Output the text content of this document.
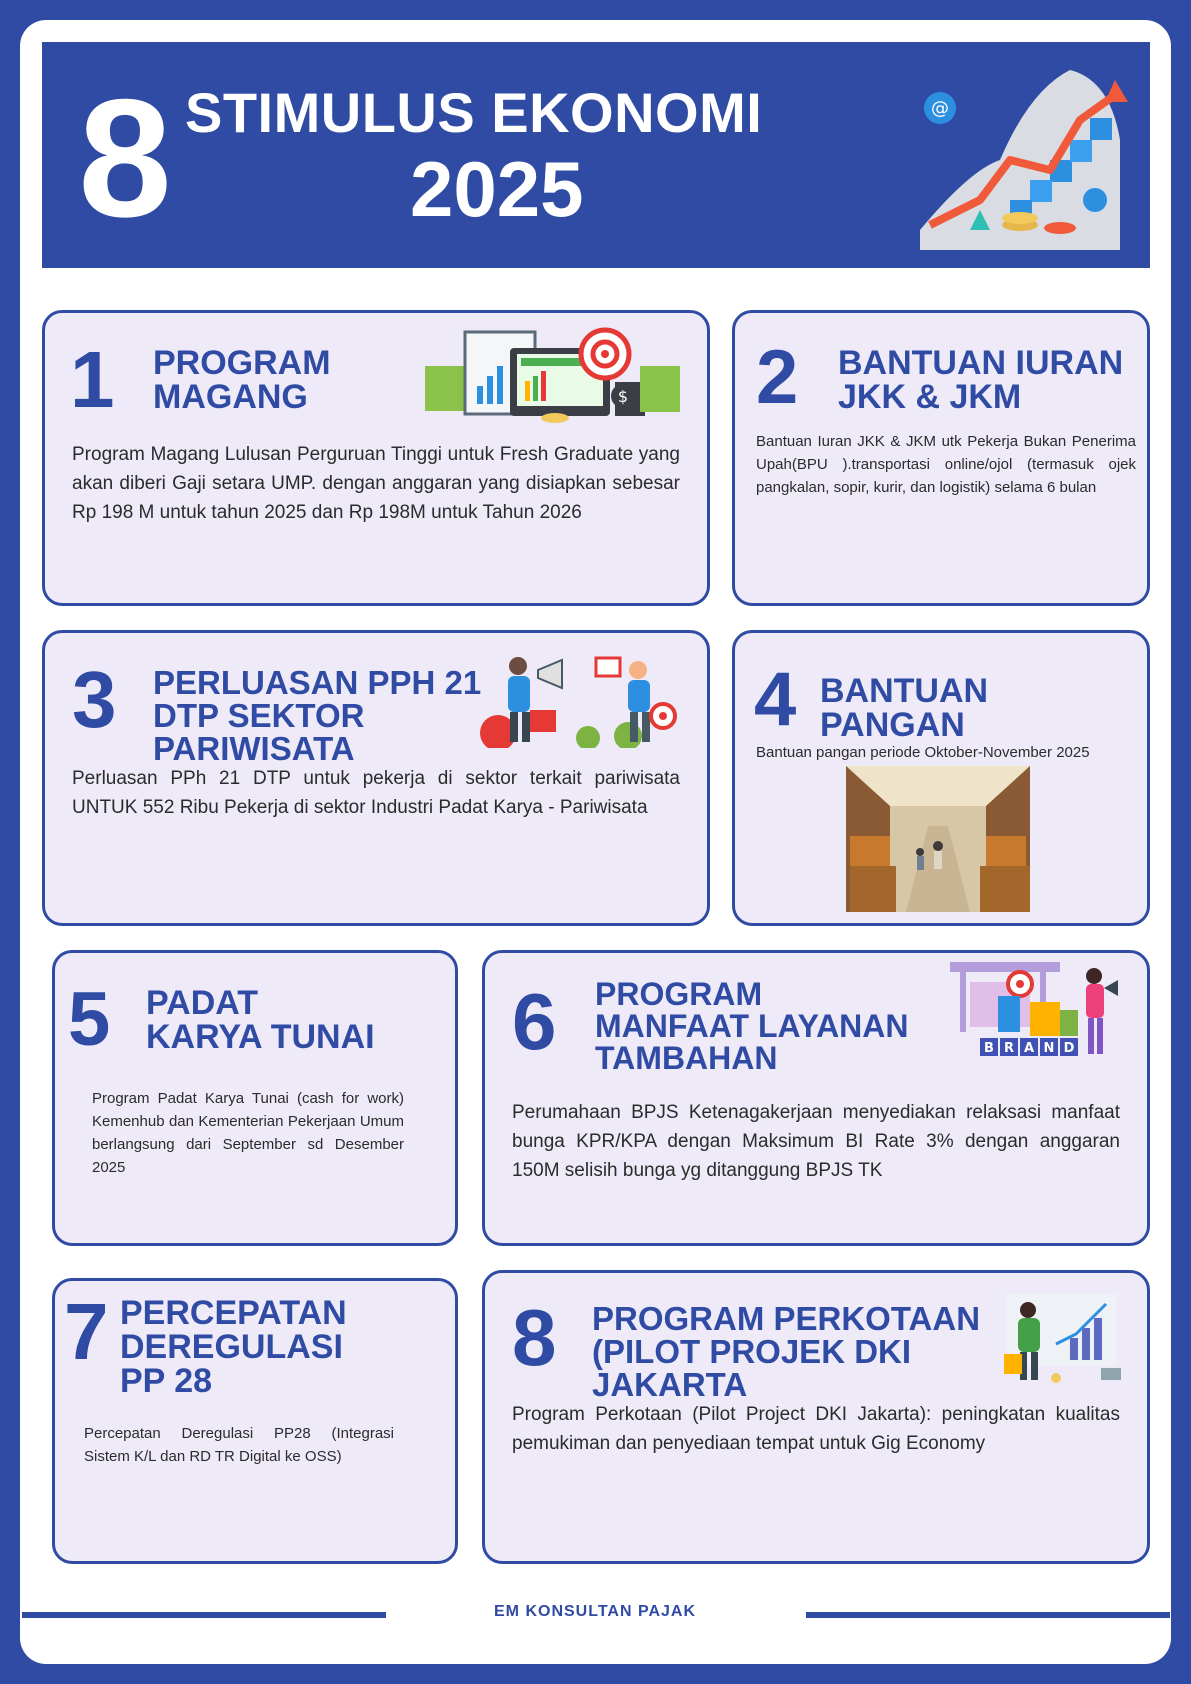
8 STIMULUS EKONOMI
2025
@
1 PROGRAM
MAGANG	$
Program Magang Lulusan Perguruan Tinggi untuk Fresh Graduate yang akan diberi Gaji setara UMP. dengan anggaran yang disiapkan sebesar Rp 198 M untuk tahun 2025 dan Rp 198M untuk Tahun 2026
2 BANTUAN IURAN
JKK & JKM
Bantuan Iuran JKK & JKM utk Pekerja Bukan Penerima Upah(BPU ).transportasi online/ojol (termasuk ojek pangkalan, sopir, kurir, dan logistik) selama 6 bulan
3 PERLUASAN PPH 21
DTP SEKTOR
PARIWISATA
Perluasan PPh 21 DTP untuk pekerja di sektor terkait pariwisata UNTUK 552 Ribu Pekerja di sektor Industri Padat Karya - Pariwisata
4 BANTUAN
PANGAN
Bantuan pangan periode Oktober-November 2025
5 PADAT
KARYA TUNAI
Program Padat Karya Tunai (cash for work) Kemenhub dan Kementerian Pekerjaan Umum berlangsung dari September sd Desember 2025
6 PROGRAM
MANFAAT LAYANAN
TAMBAHAN	B R A N D
Perumahaan BPJS Ketenagakerjaan menyediakan relaksasi manfaat bunga KPR/KPA dengan Maksimum BI Rate 3% dengan anggaran 150M selisih bunga yg ditanggung BPJS TK
7 PERCEPATAN
DEREGULASI
PP 28
Percepatan Deregulasi PP28 (Integrasi Sistem K/L dan RD TR Digital ke OSS)
8 PROGRAM PERKOTAAN
(PILOT PROJEK DKI
JAKARTA
Program Perkotaan (Pilot Project DKI Jakarta): peningkatan kualitas pemukiman dan penyediaan tempat untuk Gig Economy
EM KONSULTAN PAJAK
